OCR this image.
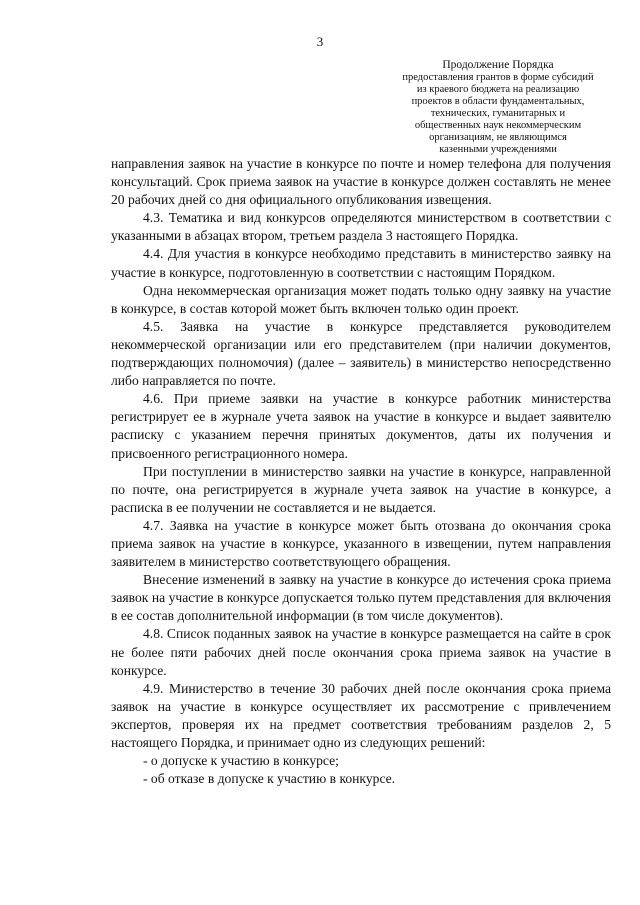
3
Продолжение Порядка
предоставления грантов в форме субсидий
из краевого бюджета на реализацию
проектов в области фундаментальных,
технических, гуманитарных и
общественных наук некоммерческим
организациям, не являющимся
казенными учреждениями

направления заявок на участие в конкурсе по почте и номер телефона для получения консультаций. Срок приема заявок на участие в конкурсе должен составлять не менее 20 рабочих дней со дня официального опубликования извещения.

4.3. Тематика и вид конкурсов определяются министерством в соответствии с указанными в абзацах втором, третьем раздела 3 настоящего Порядка.

4.4. Для участия в конкурсе необходимо представить в министерство заявку на участие в конкурсе, подготовленную в соответствии с настоящим Порядком.

Одна некоммерческая организация может подать только одну заявку на участие в конкурсе, в состав которой может быть включен только один проект.

4.5. Заявка на участие в конкурсе представляется руководителем некоммерческой организации или его представителем (при наличии документов, подтверждающих полномочия) (далее – заявитель) в министерство непосредственно либо направляется по почте.

4.6. При приеме заявки на участие в конкурсе работник министерства регистрирует ее в журнале учета заявок на участие в конкурсе и выдает заявителю расписку с указанием перечня принятых документов, даты их получения и присвоенного регистрационного номера.

При поступлении в министерство заявки на участие в конкурсе, направленной по почте, она регистрируется в журнале учета заявок на участие в конкурсе, а расписка в ее получении не составляется и не выдается.

4.7. Заявка на участие в конкурсе может быть отозвана до окончания срока приема заявок на участие в конкурсе, указанного в извещении, путем направления заявителем в министерство соответствующего обращения.

Внесение изменений в заявку на участие в конкурсе до истечения срока приема заявок на участие в конкурсе допускается только путем представления для включения в ее состав дополнительной информации (в том числе документов).

4.8. Список поданных заявок на участие в конкурсе размещается на сайте в срок не более пяти рабочих дней после окончания срока приема заявок на участие в конкурсе.

4.9. Министерство в течение 30 рабочих дней после окончания срока приема заявок на участие в конкурсе осуществляет их рассмотрение с привлечением экспертов, проверяя их на предмет соответствия требованиям разделов 2, 5 настоящего Порядка, и принимает одно из следующих решений:

- о допуске к участию в конкурсе;

- об отказе в допуске к участию в конкурсе.
